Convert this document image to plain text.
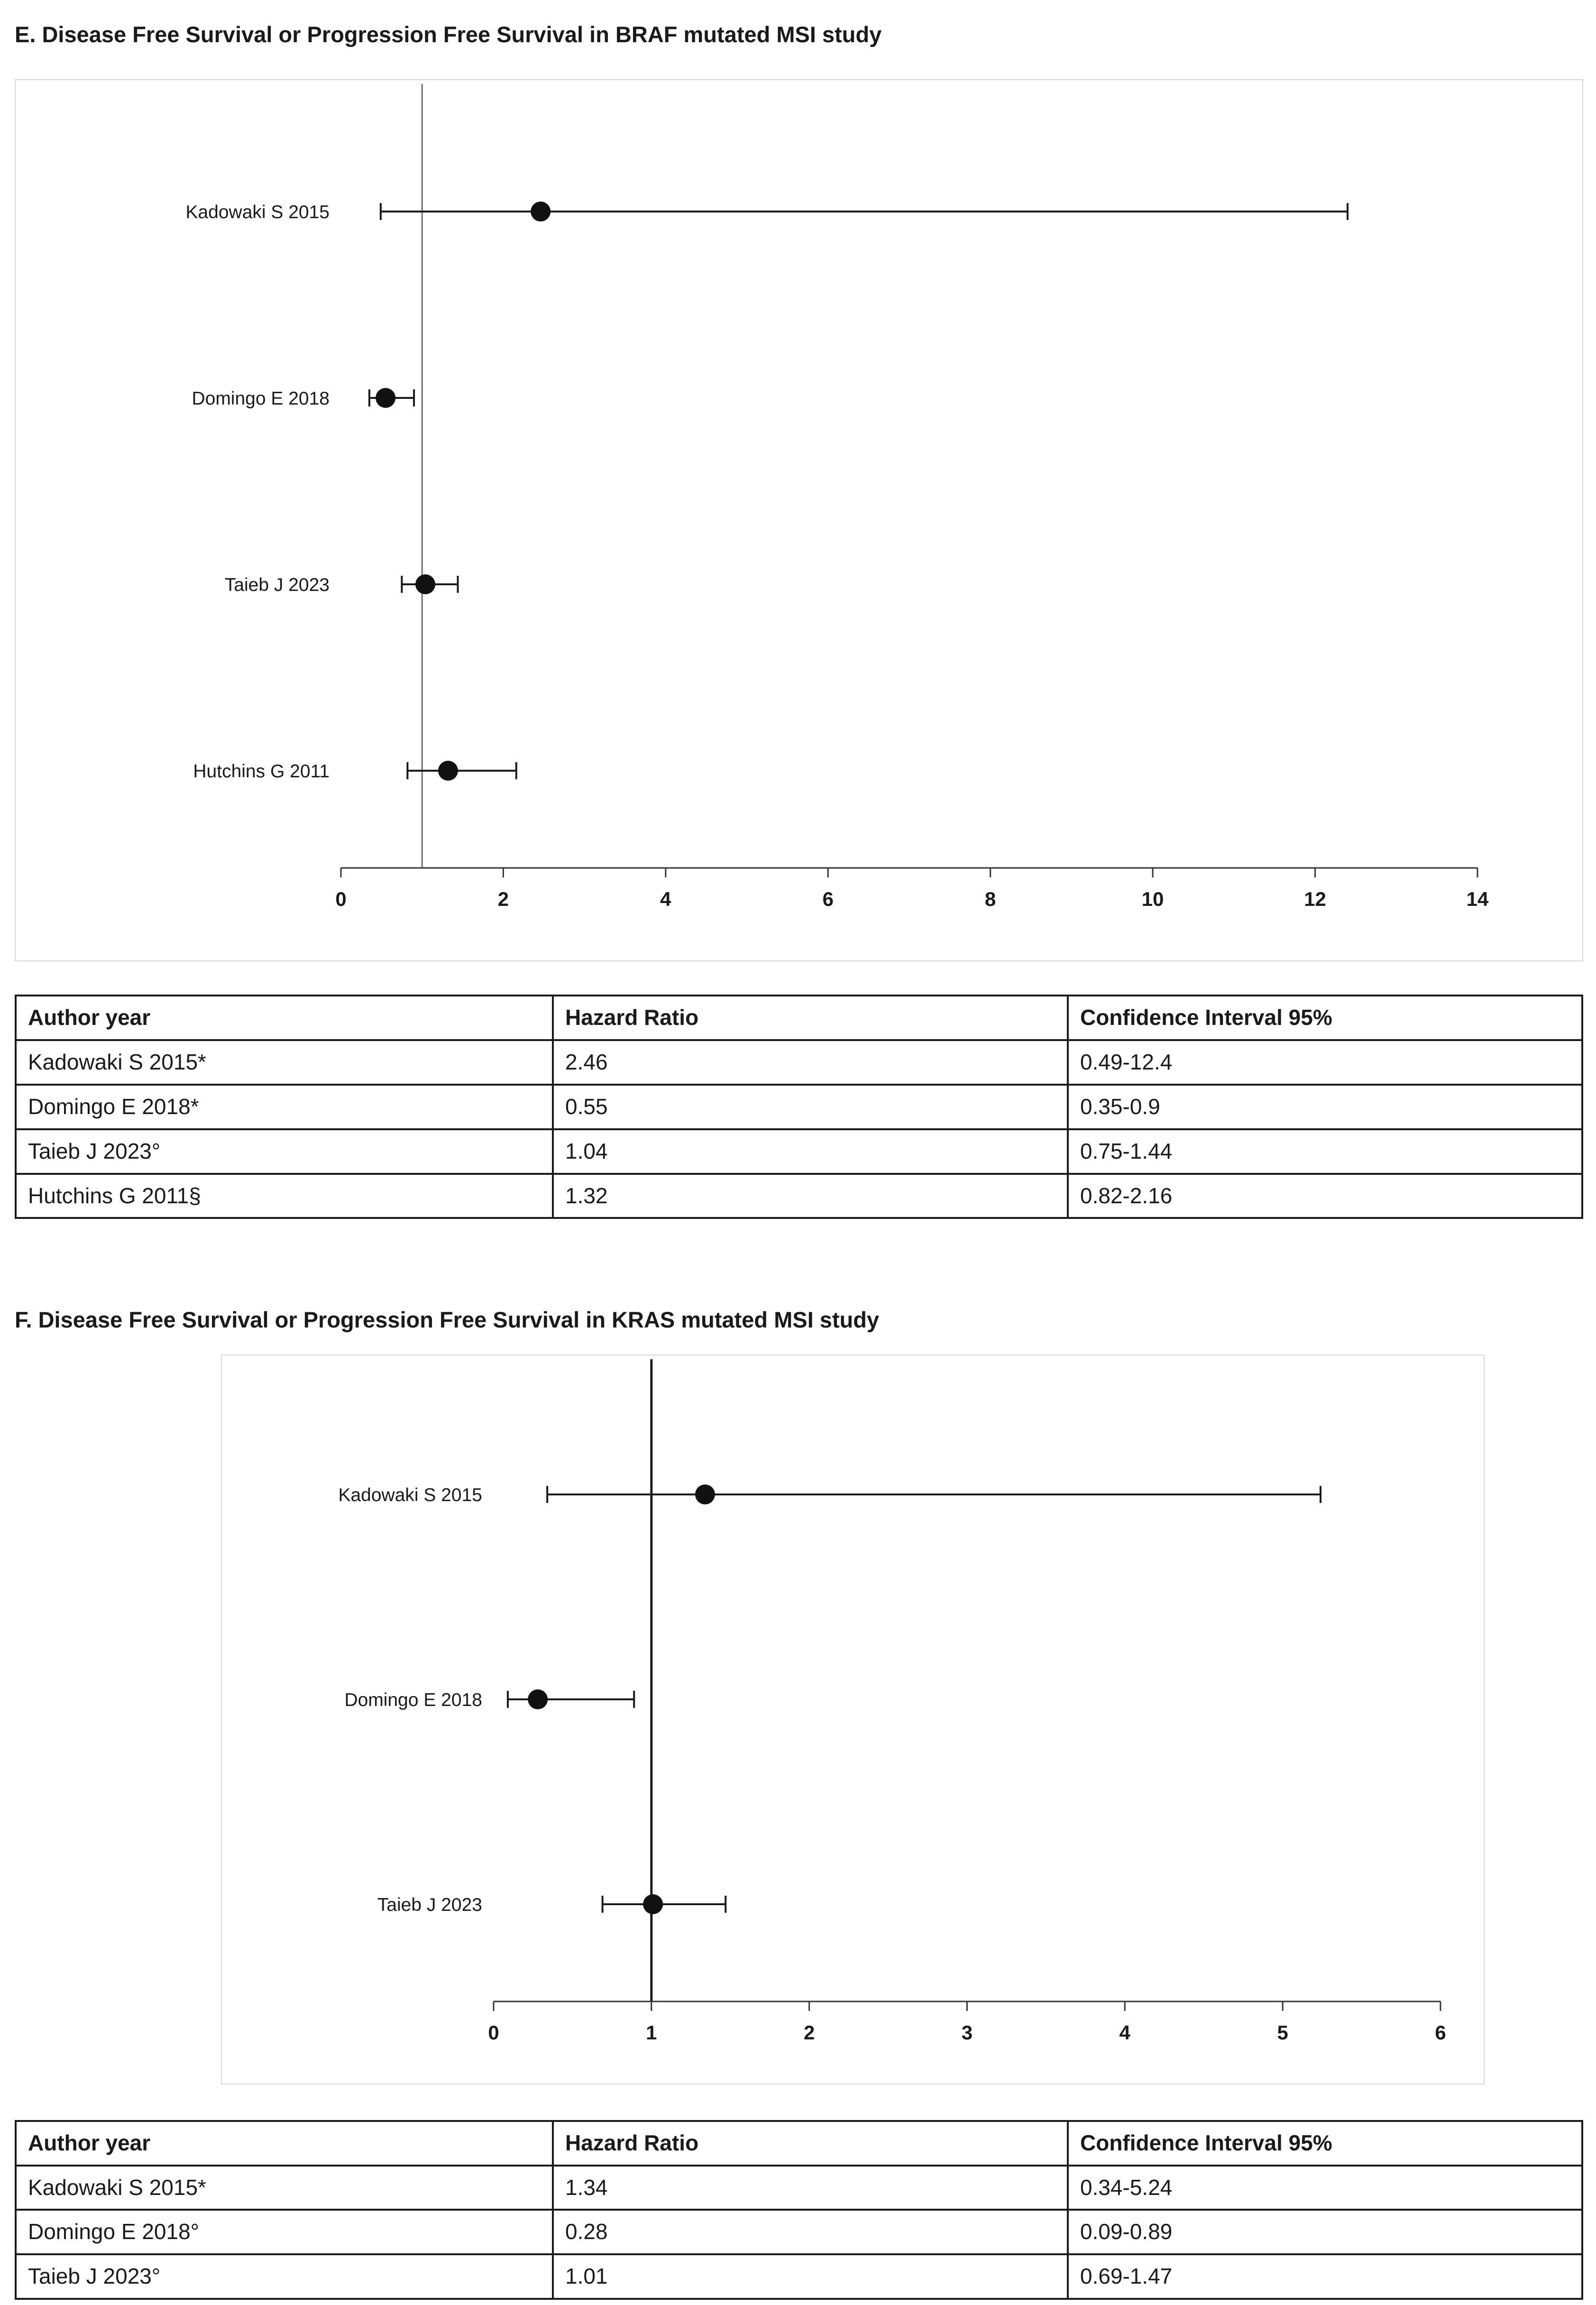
E. Disease Free Survival or Progression Free Survival in BRAF mutated MSI study
0	2	4	6	8	10	12	14
Kadowaki S 2015
Domingo E 2018
Taieb J 2023
Hutchins G 2011
Author year	Hazard Ratio	Confidence Interval 95%
Kadowaki S 2015*	2.46	0.49-12.4
Domingo E 2018*	0.55	0.35-0.9
Taieb J 2023°	1.04	0.75-1.44
Hutchins G 2011§	1.32	0.82-2.16
F. Disease Free Survival or Progression Free Survival in KRAS mutated MSI study
0	1	2	3	4	5	6
Kadowaki S 2015
Domingo E 2018
Taieb J 2023
Author year	Hazard Ratio	Confidence Interval 95%
Kadowaki S 2015*	1.34	0.34-5.24
Domingo E 2018°	0.28	0.09-0.89
Taieb J 2023°	1.01	0.69-1.47
